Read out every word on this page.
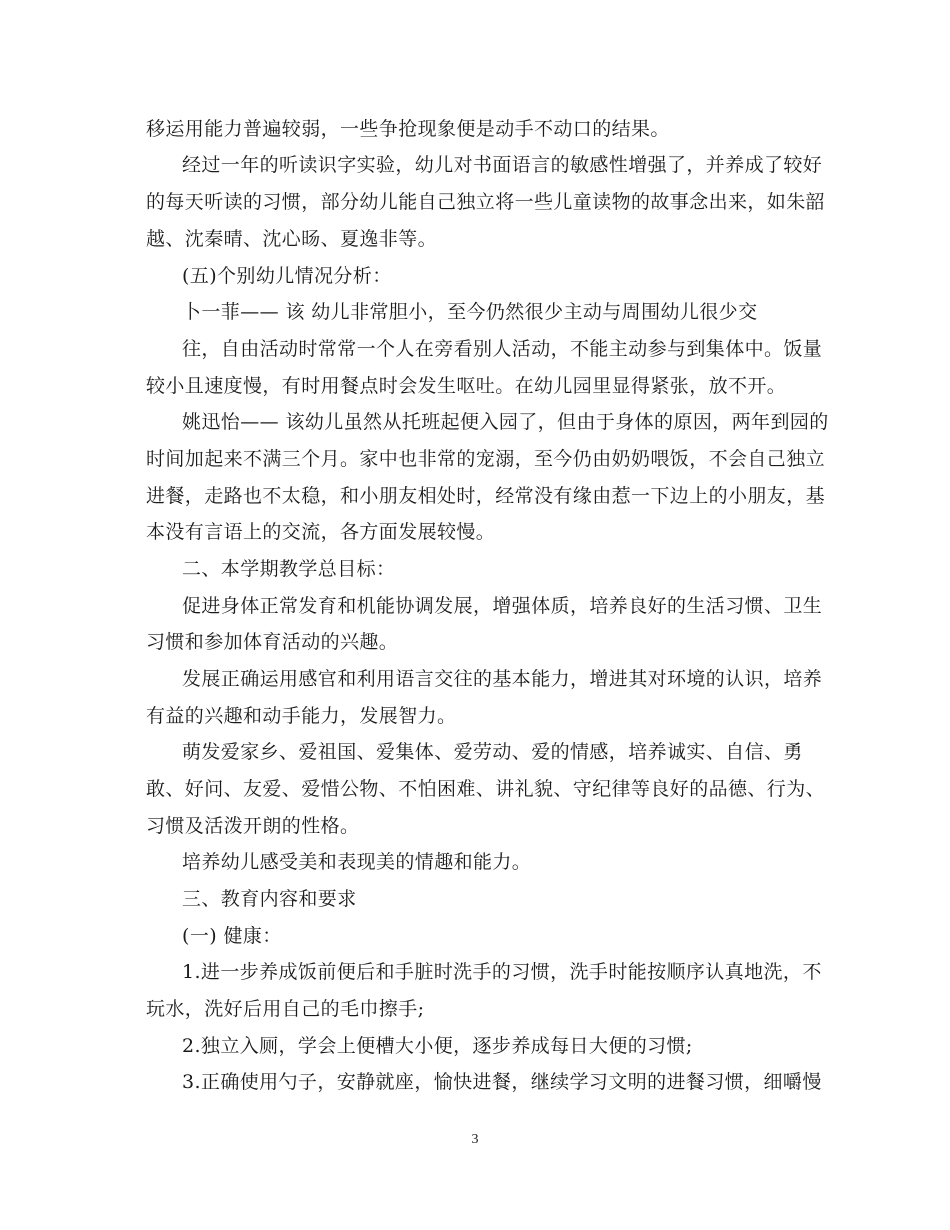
移运用能力普遍较弱，一些争抢现象便是动手不动口的结果。
经过一年的听读识字实验，幼儿对书面语言的敏感性增强了，并养成了较好
的每天听读的习惯，部分幼儿能自己独立将一些儿童读物的故事念出来，如朱韶
越、沈秦晴、沈心旸、夏逸非等。
(五)个别幼儿情况分析：
卜一菲—— 该 幼儿非常胆小，至今仍然很少主动与周围幼儿很少交
往，自由活动时常常一个人在旁看别人活动，不能主动参与到集体中。饭量
较小且速度慢，有时用餐点时会发生呕吐。在幼儿园里显得紧张，放不开。
姚迅怡—— 该幼儿虽然从托班起便入园了，但由于身体的原因，两年到园的
时间加起来不满三个月。家中也非常的宠溺，至今仍由奶奶喂饭，不会自己独立
进餐，走路也不太稳，和小朋友相处时，经常没有缘由惹一下边上的小朋友，基
本没有言语上的交流，各方面发展较慢。
二、本学期教学总目标：
促进身体正常发育和机能协调发展，增强体质，培养良好的生活习惯、卫生
习惯和参加体育活动的兴趣。
发展正确运用感官和利用语言交往的基本能力，增进其对环境的认识，培养
有益的兴趣和动手能力，发展智力。
萌发爱家乡、爱祖国、爱集体、爱劳动、爱的情感，培养诚实、自信、勇
敢、好问、友爱、爱惜公物、不怕困难、讲礼貌、守纪律等良好的品德、行为、
习惯及活泼开朗的性格。
培养幼儿感受美和表现美的情趣和能力。
三、教育内容和要求
(一) 健康：
1.进一步养成饭前便后和手脏时洗手的习惯，洗手时能按顺序认真地洗，不
玩水，洗好后用自己的毛巾擦手;
2.独立入厕，学会上便槽大小便，逐步养成每日大便的习惯;
3.正确使用勺子，安静就座，愉快进餐，继续学习文明的进餐习惯，细嚼慢
3
